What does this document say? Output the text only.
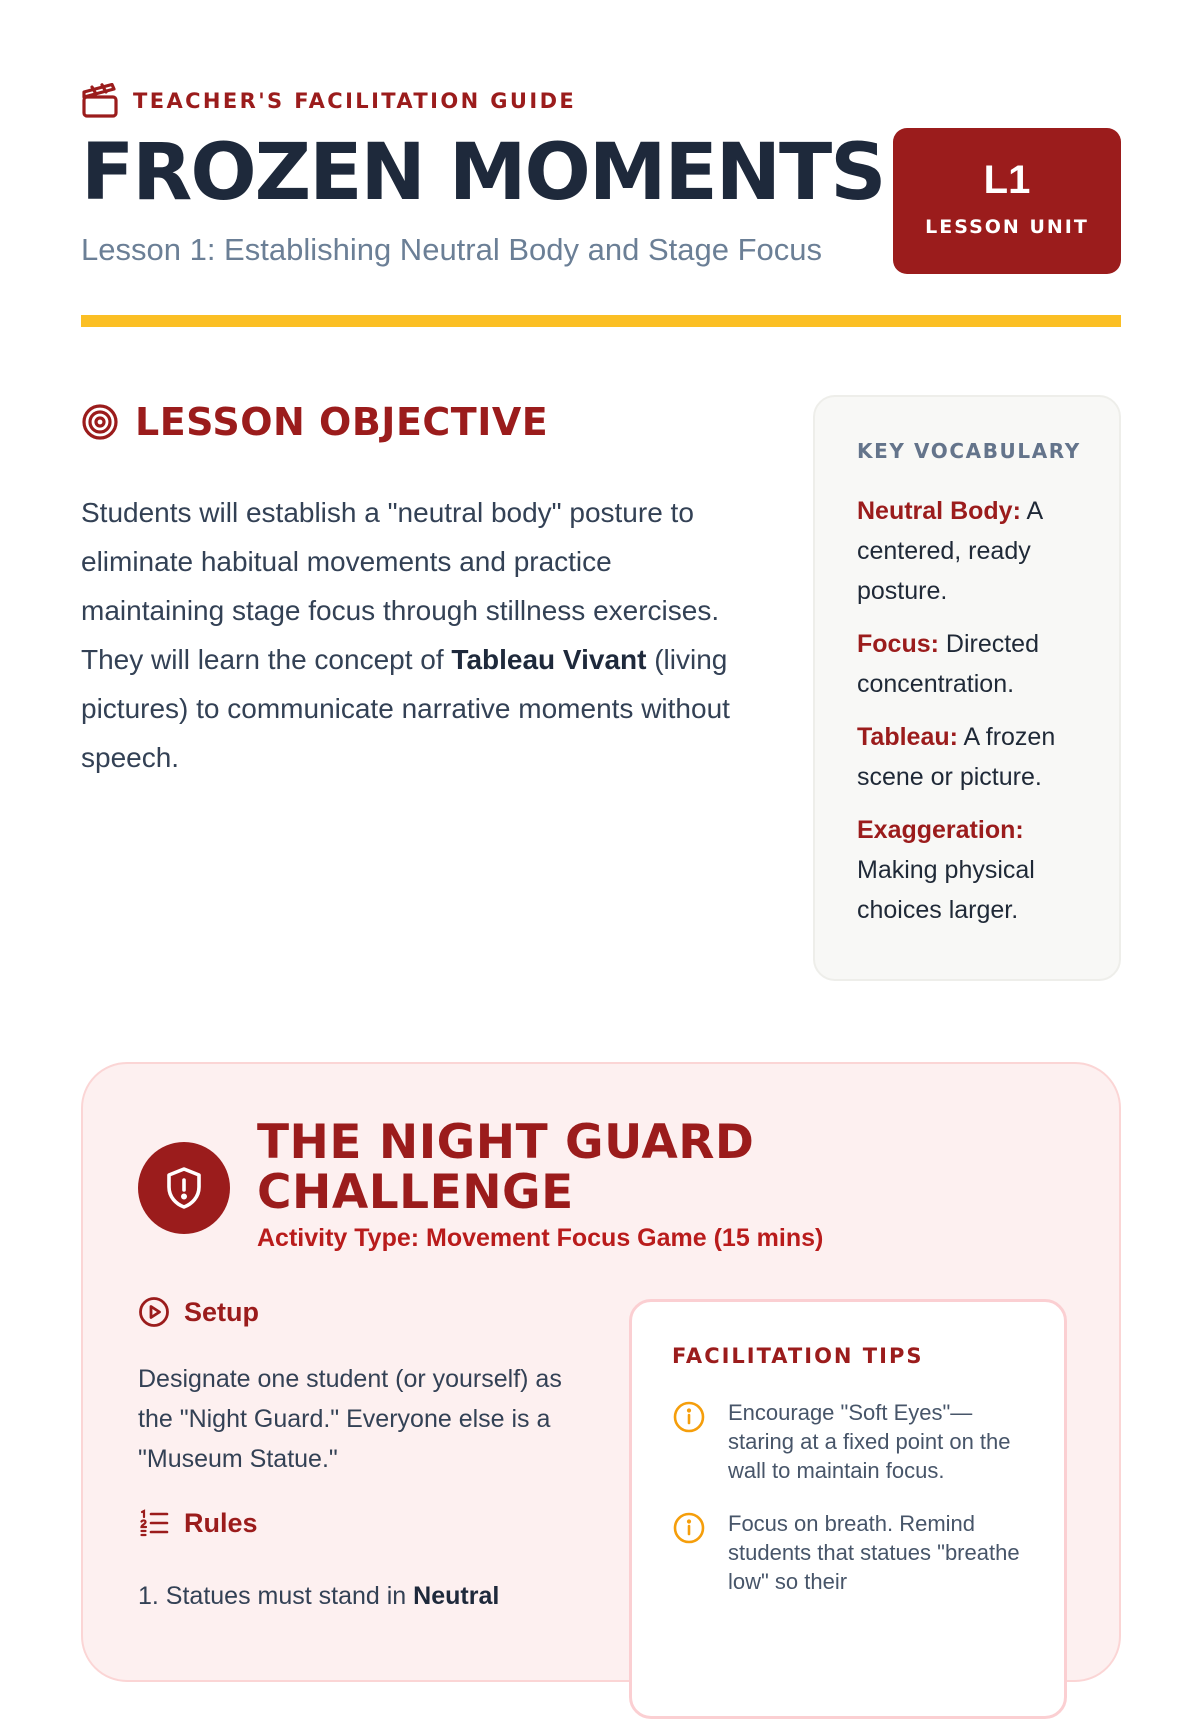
TEACHER'S FACILITATION GUIDE
FROZEN MOMENTS
Lesson 1: Establishing Neutral Body and Stage Focus
L1
LESSON UNIT
LESSON OBJECTIVE

Students will establish a "neutral body" posture to eliminate habitual movements and practice maintaining stage focus through stillness exercises. They will learn the concept of Tableau Vivant (living pictures) to communicate narrative moments without speech.

KEY VOCABULARY
Neutral Body: A centered, ready posture.
Focus: Directed concentration.
Tableau: A frozen scene or picture.
Exaggeration: Making physical choices larger.
THE NIGHT GUARD CHALLENGE
Activity Type: Movement Focus Game (15 mins)
Setup

Designate one student (or yourself) as the "Night Guard." Everyone else is a "Museum Statue."

Rules
1. Statues must stand in Neutral
FACILITATION TIPS
Encourage "Soft Eyes"—staring at a fixed point on the wall to maintain focus.
Focus on breath. Remind students that statues "breathe low" so their
